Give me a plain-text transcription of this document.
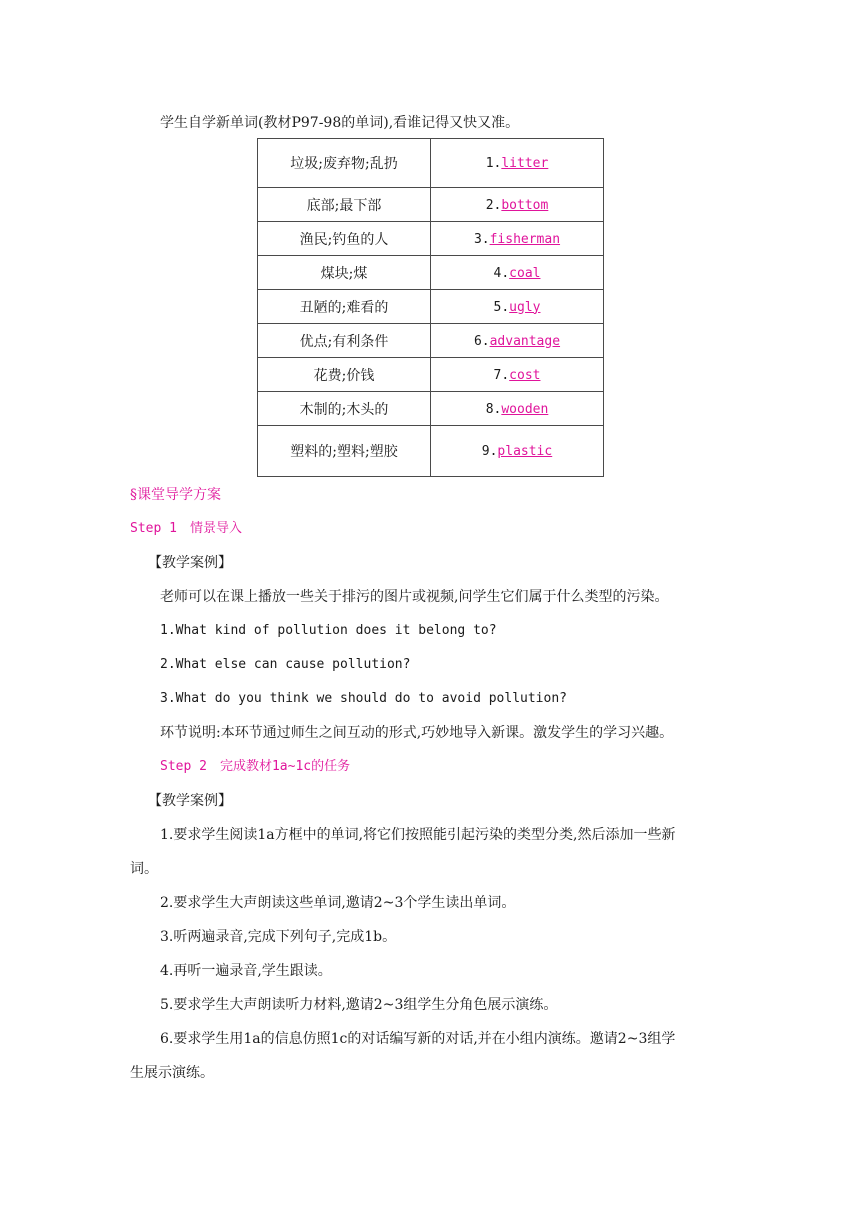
学生自学新单词(教材P97-98的单词),看谁记得又快又准。
垃圾;废弃物;乱扔	1.litter
底部;最下部	2.bottom
渔民;钓鱼的人	3.fisherman
煤块;煤	4.coal
丑陋的;难看的	5.ugly
优点;有利条件	6.advantage
花费;价钱	7.cost
木制的;木头的	8.wooden
塑料的;塑料;塑胶	9.plastic
§课堂导学方案
Step 1　情景导入
【教学案例】
老师可以在课上播放一些关于排污的图片或视频,问学生它们属于什么类型的污染。
1.What kind of pollution does it belong to?
2.What else can cause pollution?
3.What do you think we should do to avoid pollution?
环节说明:本环节通过师生之间互动的形式,巧妙地导入新课。激发学生的学习兴趣。
Step 2　完成教材1a~1c的任务
【教学案例】
1.要求学生阅读1a方框中的单词,将它们按照能引起污染的类型分类,然后添加一些新
词。
2.要求学生大声朗读这些单词,邀请2~3个学生读出单词。
3.听两遍录音,完成下列句子,完成1b。
4.再听一遍录音,学生跟读。
5.要求学生大声朗读听力材料,邀请2~3组学生分角色展示演练。
6.要求学生用1a的信息仿照1c的对话编写新的对话,并在小组内演练。邀请2~3组学
生展示演练。
